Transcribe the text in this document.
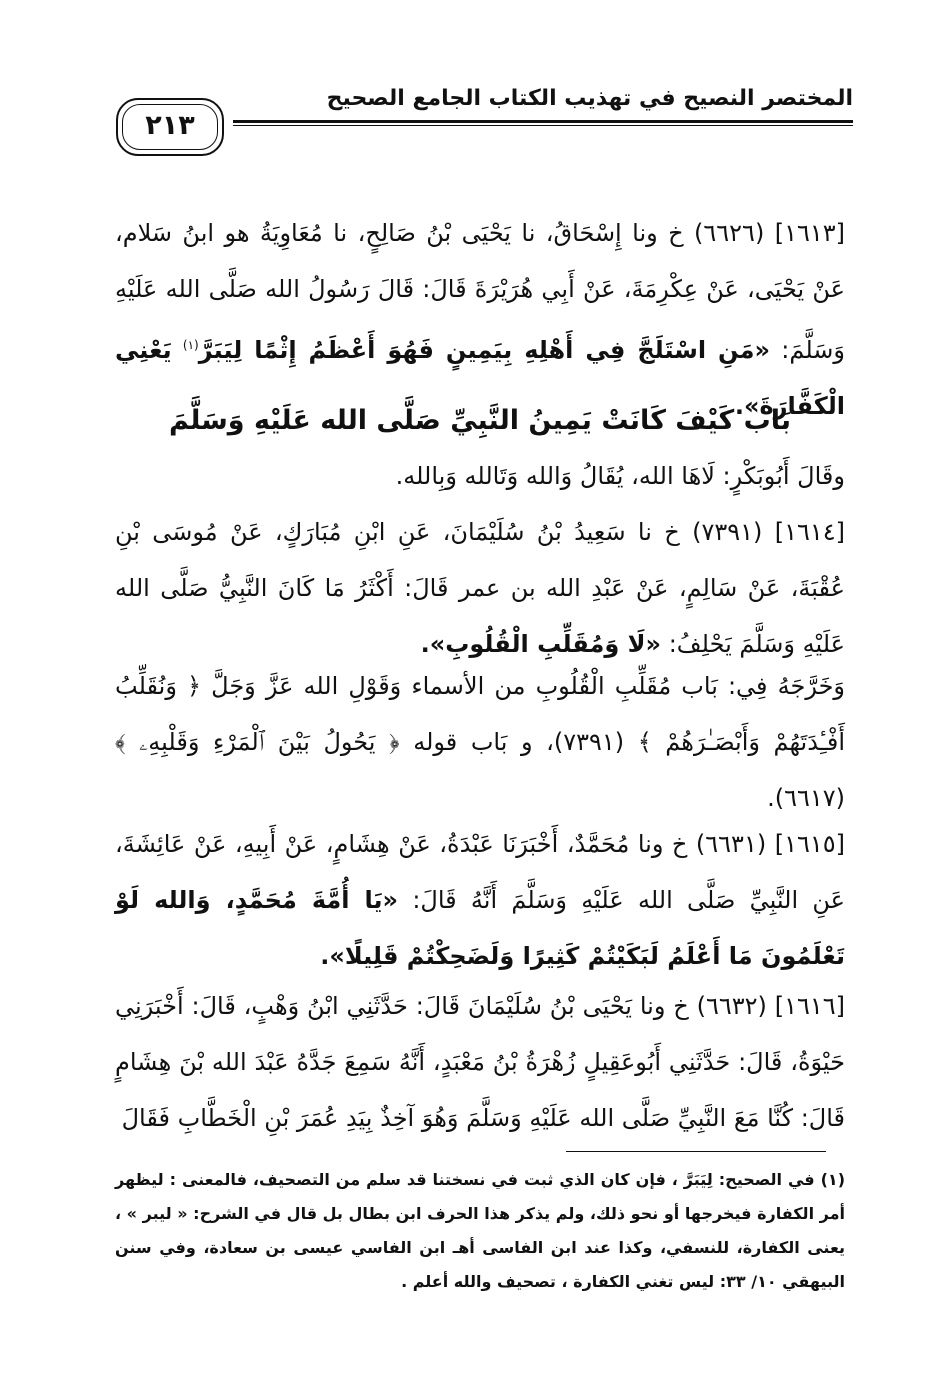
المختصر النصيح في تهذيب الكتاب الجامع الصحيح
٢١٣
[١٦١٣] (٦٦٢٦) خ ونا إِسْحَاقُ، نا يَحْيَى بْنُ صَالِحٍ، نا مُعَاوِيَةُ هو ابنُ سَلام، عَنْ يَحْيَى، عَنْ عِكْرِمَةَ، عَنْ أَبِي هُرَيْرَةَ قَالَ: قَالَ رَسُولُ الله صَلَّى الله عَلَيْهِ وَسَلَّمَ: «مَنِ اسْتَلَجَّ فِي أَهْلِهِ بِيَمِينٍ فَهُوَ أَعْظَمُ إِثْمًا لِيَبَرَّ$^{(١)}$ يَعْنِي الْكَفَّارَةَ».
بَاب كَيْفَ كَانَتْ يَمِينُ النَّبِيِّ صَلَّى الله عَلَيْهِ وَسَلَّمَ
وقَالَ أَبُوبَكْرٍ: لَاهَا الله، يُقَالُ وَالله وَتَالله وَبِالله.
[١٦١٤] (٧٣٩١) خ نا سَعِيدُ بْنُ سُلَيْمَانَ، عَنِ ابْنِ مُبَارَكٍ، عَنْ مُوسَى بْنِ عُقْبَةَ، عَنْ سَالِمٍ، عَنْ عَبْدِ الله بن عمر قَالَ: أَكْثَرُ مَا كَانَ النَّبِيُّ صَلَّى الله عَلَيْهِ وَسَلَّمَ يَحْلِفُ: «لَا وَمُقَلِّبِ الْقُلُوبِ».
وَخَرَّجَهُ فِي: بَاب مُقَلِّبِ الْقُلُوبِ من الأسماء وَقَوْلِ الله عَزَّ وَجَلَّ ﴿ وَنُقَلِّبُ أَفْـِٔدَتَهُمْ وَأَبْصَـٰرَهُمْ ﴾ (٧٣٩١)، و بَاب قوله ﴿ يَحُولُ بَيْنَ ٱلْمَرْءِ وَقَلْبِهِۦ ﴾ (٦٦١٧).
[١٦١٥] (٦٦٣١) خ ونا مُحَمَّدٌ، أَخْبَرَنَا عَبْدَةُ، عَنْ هِشَامٍ، عَنْ أَبِيهِ، عَنْ عَائِشَةَ، عَنِ النَّبِيِّ صَلَّى الله عَلَيْهِ وَسَلَّمَ أَنَّهُ قَالَ: «يَا أُمَّةَ مُحَمَّدٍ، وَالله لَوْ تَعْلَمُونَ مَا أَعْلَمُ لَبَكَيْتُمْ كَثِيرًا وَلَضَحِكْتُمْ قَلِيلًا».
[١٦١٦] (٦٦٣٢) خ ونا يَحْيَى بْنُ سُلَيْمَانَ قَالَ: حَدَّثَنِي ابْنُ وَهْبٍ، قَالَ: أَخْبَرَنِي حَيْوَةُ، قَالَ: حَدَّثَنِي أَبُوعَقِيلٍ زُهْرَةُ بْنُ مَعْبَدٍ، أَنَّهُ سَمِعَ جَدَّهُ عَبْدَ الله بْنَ هِشَامٍ قَالَ: كُنَّا مَعَ النَّبِيِّ صَلَّى الله عَلَيْهِ وَسَلَّمَ وَهُوَ آخِذٌ بِيَدِ عُمَرَ بْنِ الْخَطَّابِ فَقَالَ
(١) في الصحيح: لِيَبَرَّ ، فإن كان الذي ثبت في نسختنا قد سلم من التصحيف، فالمعنى : ليظهر أمر الكفارة فيخرجها أو نحو ذلك، ولم يذكر هذا الحرف ابن بطال بل قال في الشرح: « ليبر » ، يعنى الكفارة، للنسفي، وكذا عند ابن الفاسى أهـ ابن الفاسي عيسى بن سعادة، وفي سنن البيهقي ١٠/ ٣٣: ليس تغني الكفارة ، تصحيف والله أعلم .
